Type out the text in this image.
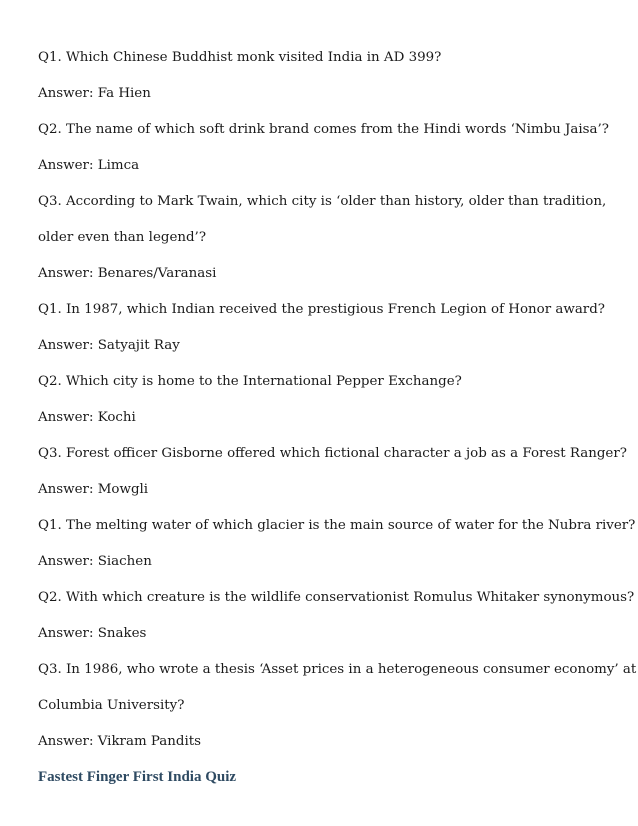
Q1. Which Chinese Buddhist monk visited India in AD 399?

Answer: Fa Hien

Q2. The name of which soft drink brand comes from the Hindi words ‘Nimbu Jaisa’?

Answer: Limca

Q3. According to Mark Twain, which city is ‘older than history, older than tradition,

older even than legend’?

Answer: Benares/Varanasi

Q1. In 1987, which Indian received the prestigious French Legion of Honor award?

Answer: Satyajit Ray

Q2. Which city is home to the International Pepper Exchange?

Answer: Kochi

Q3. Forest officer Gisborne offered which fictional character a job as a Forest Ranger?

Answer: Mowgli

Q1. The melting water of which glacier is the main source of water for the Nubra river?

Answer: Siachen

Q2. With which creature is the wildlife conservationist Romulus Whitaker synonymous?

Answer: Snakes

Q3. In 1986, who wrote a thesis ‘Asset prices in a heterogeneous consumer economy’ at

Columbia University?

Answer: Vikram Pandits

Fastest Finger First India Quiz
